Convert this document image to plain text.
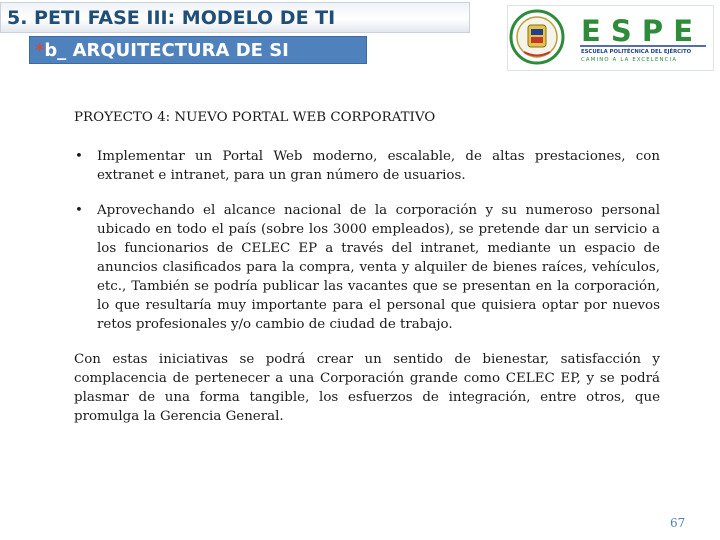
5. PETI FASE III: MODELO DE TI
*b_ ARQUITECTURA DE SI
E S P E
ESCUELA POLITÉCNICA DEL EJÉRCITO
CAMINO A LA EXCELENCIA

PROYECTO 4: NUEVO PORTAL WEB CORPORATIVO

• Implementar un Portal Web moderno, escalable, de altas prestaciones, con extranet e intranet, para un gran número de usuarios.
• Aprovechando el alcance nacional de la corporación y su numeroso personal ubicado en todo el país (sobre los 3000 empleados), se pretende dar un servicio a los funcionarios de CELEC EP a través del intranet, mediante un espacio de anuncios clasificados para la compra, venta y alquiler de bienes raíces, vehículos, etc., También se podría publicar las vacantes que se presentan en la corporación, lo que resultaría muy importante para el personal que quisiera optar por nuevos retos profesionales y/o cambio de ciudad de trabajo.

Con estas iniciativas se podrá crear un sentido de bienestar, satisfacción y complacencia de pertenecer a una Corporación grande como CELEC EP, y se podrá plasmar de una forma tangible, los esfuerzos de integración, entre otros, que promulga la Gerencia General.

67
